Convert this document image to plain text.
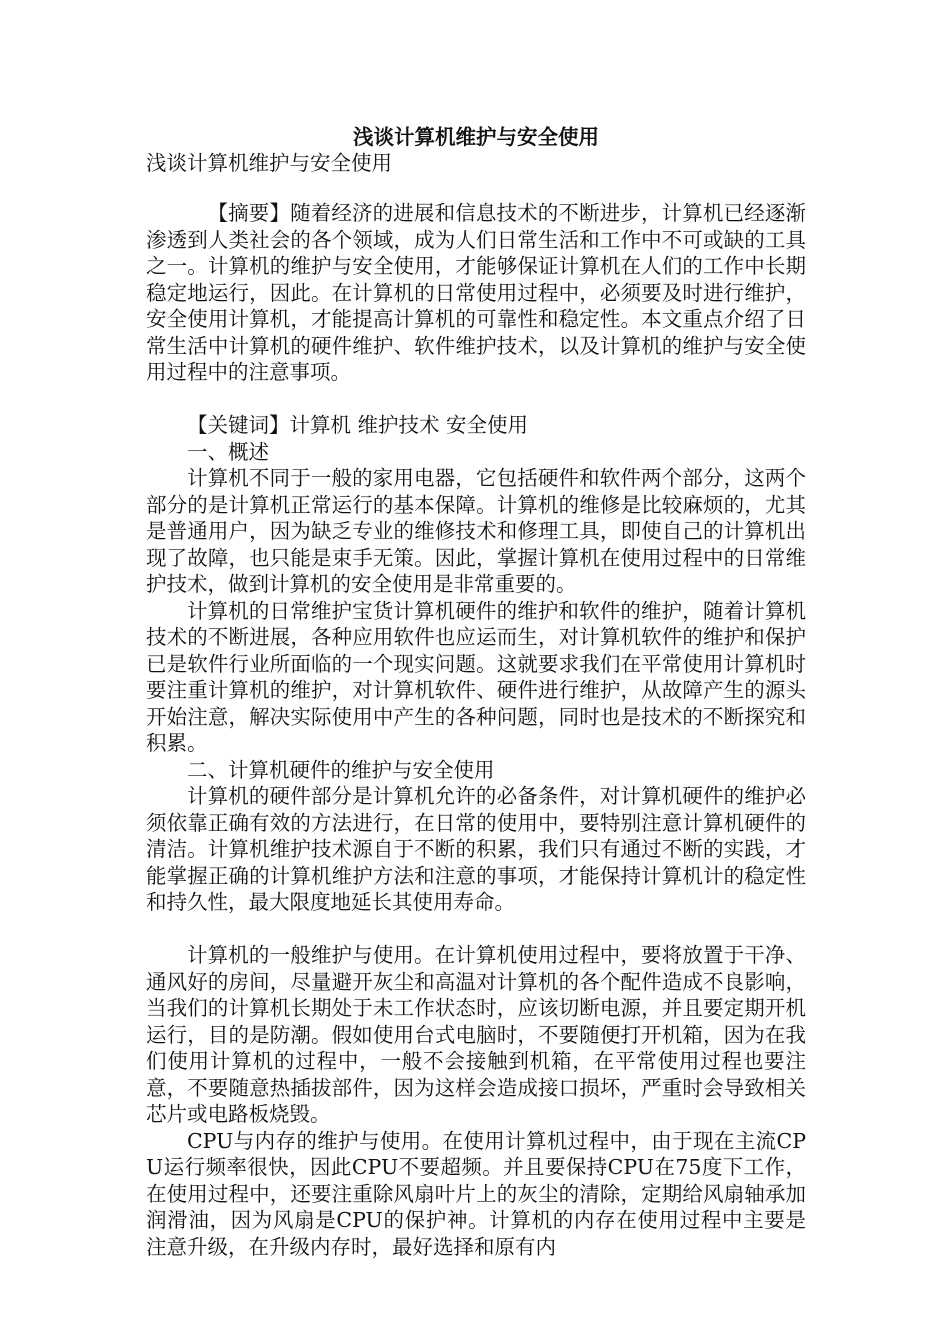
浅谈计算机维护与安全使用

浅谈计算机维护与安全使用

【摘要】随着经济的进展和信息技术的不断进步，计算机已经逐渐渗透到人类社会的各个领域，成为人们日常生活和工作中不可或缺的工具之一。计算机的维护与安全使用，才能够保证计算机在人们的工作中长期稳定地运行，因此。在计算机的日常使用过程中，必须要及时进行维护，安全使用计算机，才能提高计算机的可靠性和稳定性。本文重点介绍了日常生活中计算机的硬件维护、软件维护技术，以及计算机的维护与安全使用过程中的注意事项。

【关键词】计算机 维护技术 安全使用

一、概述

计算机不同于一般的家用电器，它包括硬件和软件两个部分，这两个部分的是计算机正常运行的基本保障。计算机的维修是比较麻烦的，尤其是普通用户，因为缺乏专业的维修技术和修理工具，即使自己的计算机出现了故障，也只能是束手无策。因此，掌握计算机在使用过程中的日常维护技术，做到计算机的安全使用是非常重要的。

计算机的日常维护宝货计算机硬件的维护和软件的维护，随着计算机技术的不断进展，各种应用软件也应运而生，对计算机软件的维护和保护已是软件行业所面临的一个现实问题。这就要求我们在平常使用计算机时要注重计算机的维护，对计算机软件、硬件进行维护，从故障产生的源头开始注意，解决实际使用中产生的各种问题，同时也是技术的不断探究和积累。

二、计算机硬件的维护与安全使用

计算机的硬件部分是计算机允许的必备条件，对计算机硬件的维护必须依靠正确有效的方法进行，在日常的使用中，要特别注意计算机硬件的清洁。计算机维护技术源自于不断的积累，我们只有通过不断的实践，才能掌握正确的计算机维护方法和注意的事项，才能保持计算机计的稳定性和持久性，最大限度地延长其使用寿命。

计算机的一般维护与使用。在计算机使用过程中，要将放置于干净、通风好的房间，尽量避开灰尘和高温对计算机的各个配件造成不良影响，当我们的计算机长期处于未工作状态时，应该切断电源，并且要定期开机运行，目的是防潮。假如使用台式电脑时，不要随便打开机箱，因为在我们使用计算机的过程中，一般不会接触到机箱，在平常使用过程也要注意，不要随意热插拔部件，因为这样会造成接口损坏，严重时会导致相关芯片或电路板烧毁。

CPU与内存的维护与使用。在使用计算机过程中，由于现在主流CPU运行频率很快，因此CPU不要超频。并且要保持CPU在75度下工作，在使用过程中，还要注重除风扇叶片上的灰尘的清除，定期给风扇轴承加润滑油，因为风扇是CPU的保护神。计算机的内存在使用过程中主要是注意升级，在升级内存时，最好选择和原有内
